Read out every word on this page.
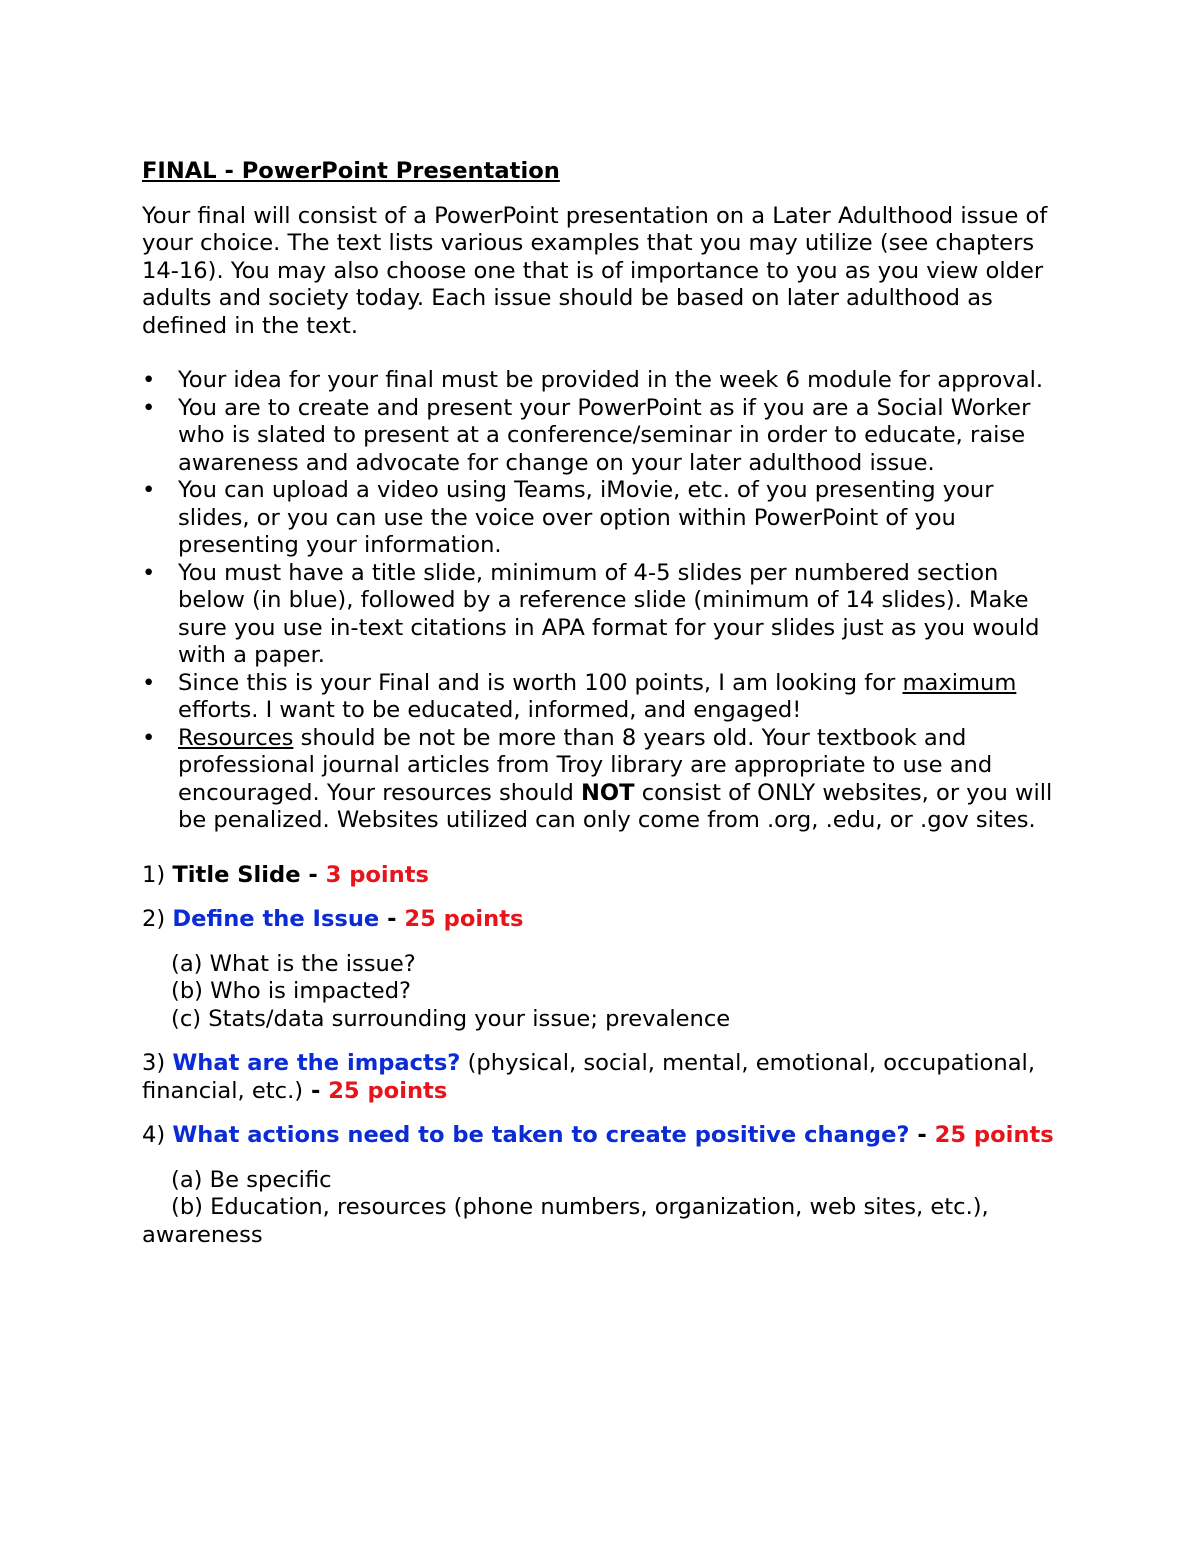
FINAL - PowerPoint Presentation

Your final will consist of a PowerPoint presentation on a Later Adulthood issue of your choice. The text lists various examples that you may utilize (see chapters 14-16). You may also choose one that is of importance to you as you view older adults and society today. Each issue should be based on later adulthood as defined in the text.

• Your idea for your final must be provided in the week 6 module for approval.
• You are to create and present your PowerPoint as if you are a Social Worker who is slated to present at a conference/seminar in order to educate, raise awareness and advocate for change on your later adulthood issue.
• You can upload a video using Teams, iMovie, etc. of you presenting your slides, or you can use the voice over option within PowerPoint of you presenting your information.
• You must have a title slide, minimum of 4-5 slides per numbered section below (in blue), followed by a reference slide (minimum of 14 slides). Make sure you use in-text citations in APA format for your slides just as you would with a paper.
• Since this is your Final and is worth 100 points, I am looking for maximum efforts. I want to be educated, informed, and engaged!
• Resources should be not be more than 8 years old. Your textbook and professional journal articles from Troy library are appropriate to use and encouraged. Your resources should NOT consist of ONLY websites, or you will be penalized. Websites utilized can only come from .org, .edu, or .gov sites.

1) Title Slide - 3 points

2) Define the Issue - 25 points

(a) What is the issue?
(b) Who is impacted?
(c) Stats/data surrounding your issue; prevalence

3) What are the impacts? (physical, social, mental, emotional, occupational, financial, etc.) - 25 points

4) What actions need to be taken to create positive change? - 25 points

(a) Be specific
(b) Education, resources (phone numbers, organization, web sites, etc.), awareness
